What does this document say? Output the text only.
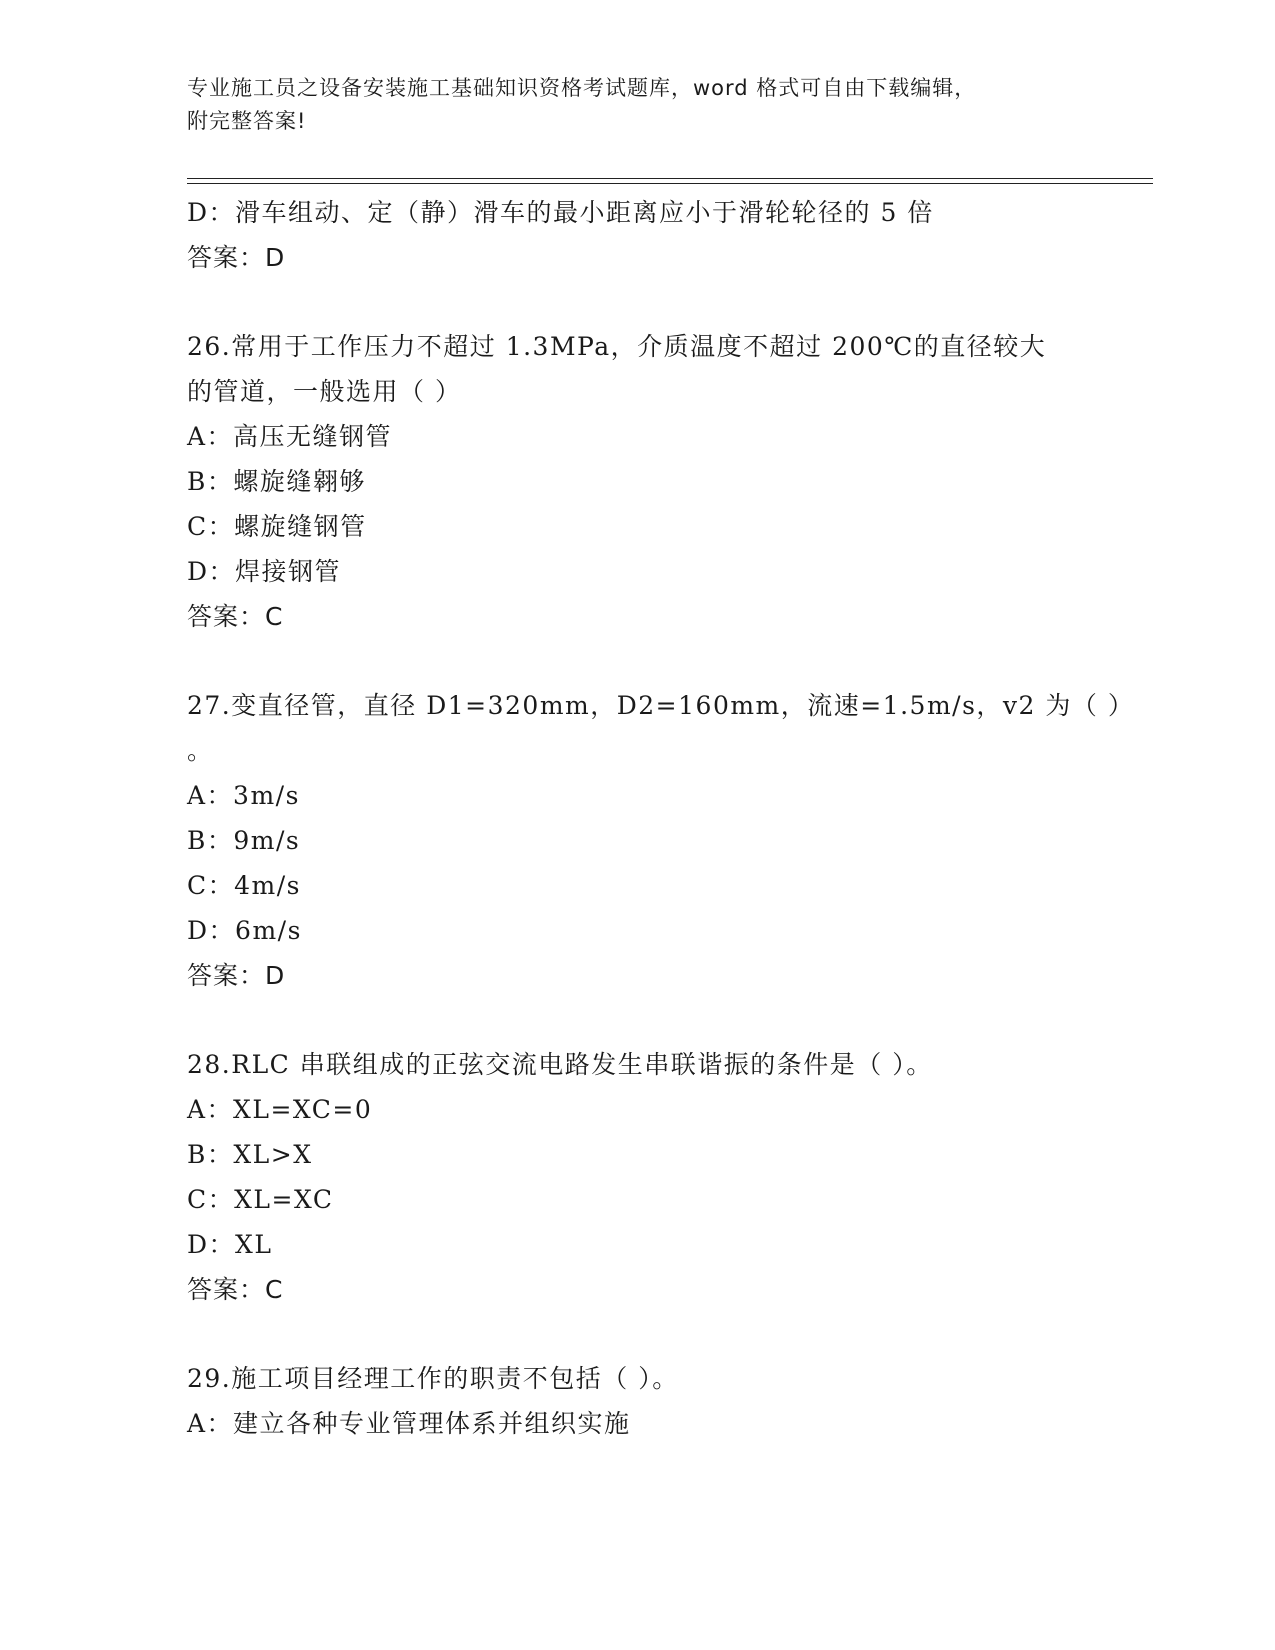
专业施工员之设备安装施工基础知识资格考试题库，word 格式可自由下载编辑，
附完整答案!
D：滑车组动、定（静）滑车的最小距离应小于滑轮轮径的 5 倍
答案：D
26.常用于工作压力不超过 1.3MPa，介质温度不超过 200℃的直径较大
的管道，一般选用（ ）
A：高压无缝钢管
B：螺旋缝翱够
C：螺旋缝钢管
D：焊接钢管
答案：C
27.变直径管，直径 D1=320mm，D2=160mm，流速=1.5m/s，v2 为（ ）
。
A：3m/s
B：9m/s
C：4m/s
D：6m/s
答案：D
28.RLC 串联组成的正弦交流电路发生串联谐振的条件是（ ）。
A：XL=XC=0
B：XL>X
C：XL=XC
D：XL
答案：C
29.施工项目经理工作的职责不包括（ ）。
A：建立各种专业管理体系并组织实施
